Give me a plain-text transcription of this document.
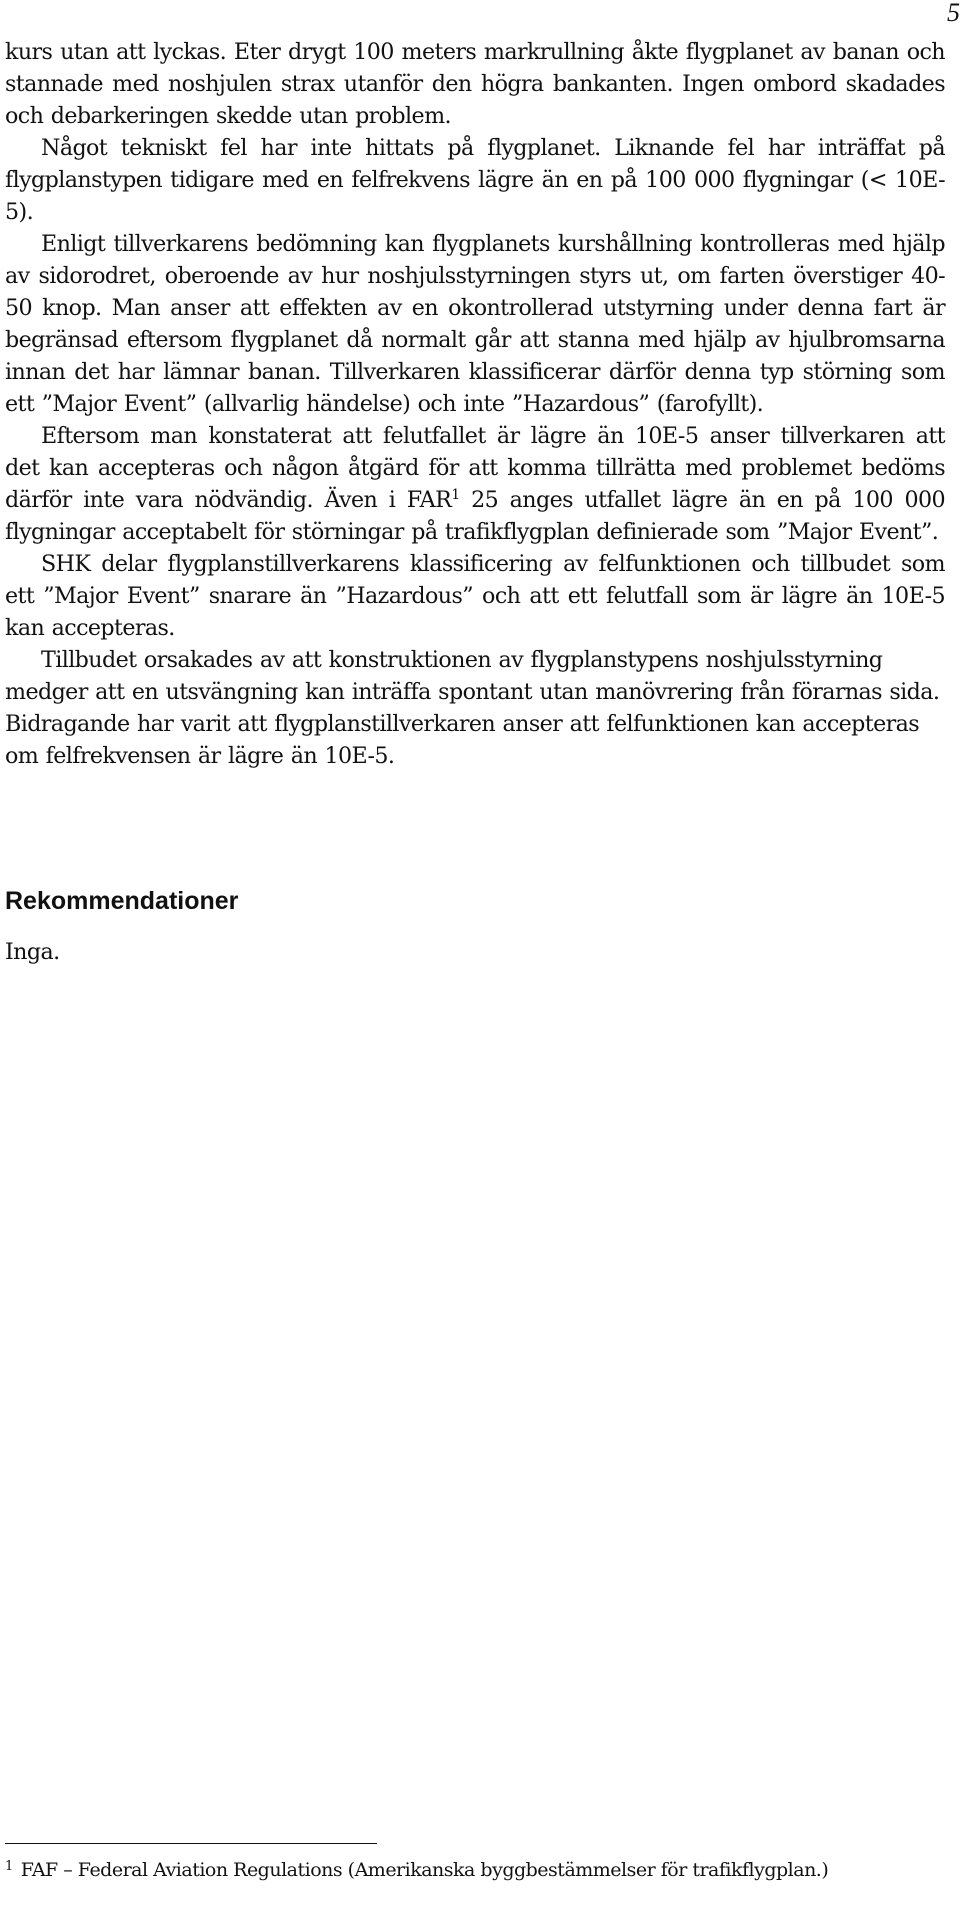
5

kurs utan att lyckas. Eter drygt 100 meters markrullning åkte flygplanet av banan och stannade med noshjulen strax utanför den högra bankanten. Ingen ombord skadades och debarkeringen skedde utan problem.

Något tekniskt fel har inte hittats på flygplanet. Liknande fel har inträffat på flygplanstypen tidigare med en felfrekvens lägre än en på 100 000 flygningar (< 10E-5).

Enligt tillverkarens bedömning kan flygplanets kurshållning kontrolleras med hjälp av sidorodret, oberoende av hur noshjulsstyrningen styrs ut, om farten överstiger 40-50 knop. Man anser att effekten av en okontrollerad utstyrning under denna fart är begränsad eftersom flygplanet då normalt går att stanna med hjälp av hjulbromsarna innan det har lämnar banan. Tillverkaren klassificerar därför denna typ störning som ett ”Major Event” (allvarlig händelse) och inte ”Hazardous” (farofyllt).

Eftersom man konstaterat att felutfallet är lägre än 10E-5 anser tillverkaren att det kan accepteras och någon åtgärd för att komma tillrätta med problemet bedöms därför inte vara nödvändig. Även i FAR$^1$ 25 anges utfallet lägre än en på 100 000 flygningar acceptabelt för störningar på trafikflygplan definierade som ”Major Event”.

SHK delar flygplanstillverkarens klassificering av felfunktionen och tillbudet som ett ”Major Event” snarare än ”Hazardous” och att ett felutfall som är lägre än 10E-5 kan accepteras.

Tillbudet orsakades av att konstruktionen av flygplanstypens noshjulsstyrning medger att en utsvängning kan inträffa spontant utan manövrering från förarnas sida. Bidragande har varit att flygplanstillverkaren anser att felfunktionen kan accepteras om felfrekvensen är lägre än 10E-5.

Rekommendationer

Inga.

$^1$ FAF – Federal Aviation Regulations (Amerikanska byggbestämmelser för trafikflygplan.)
